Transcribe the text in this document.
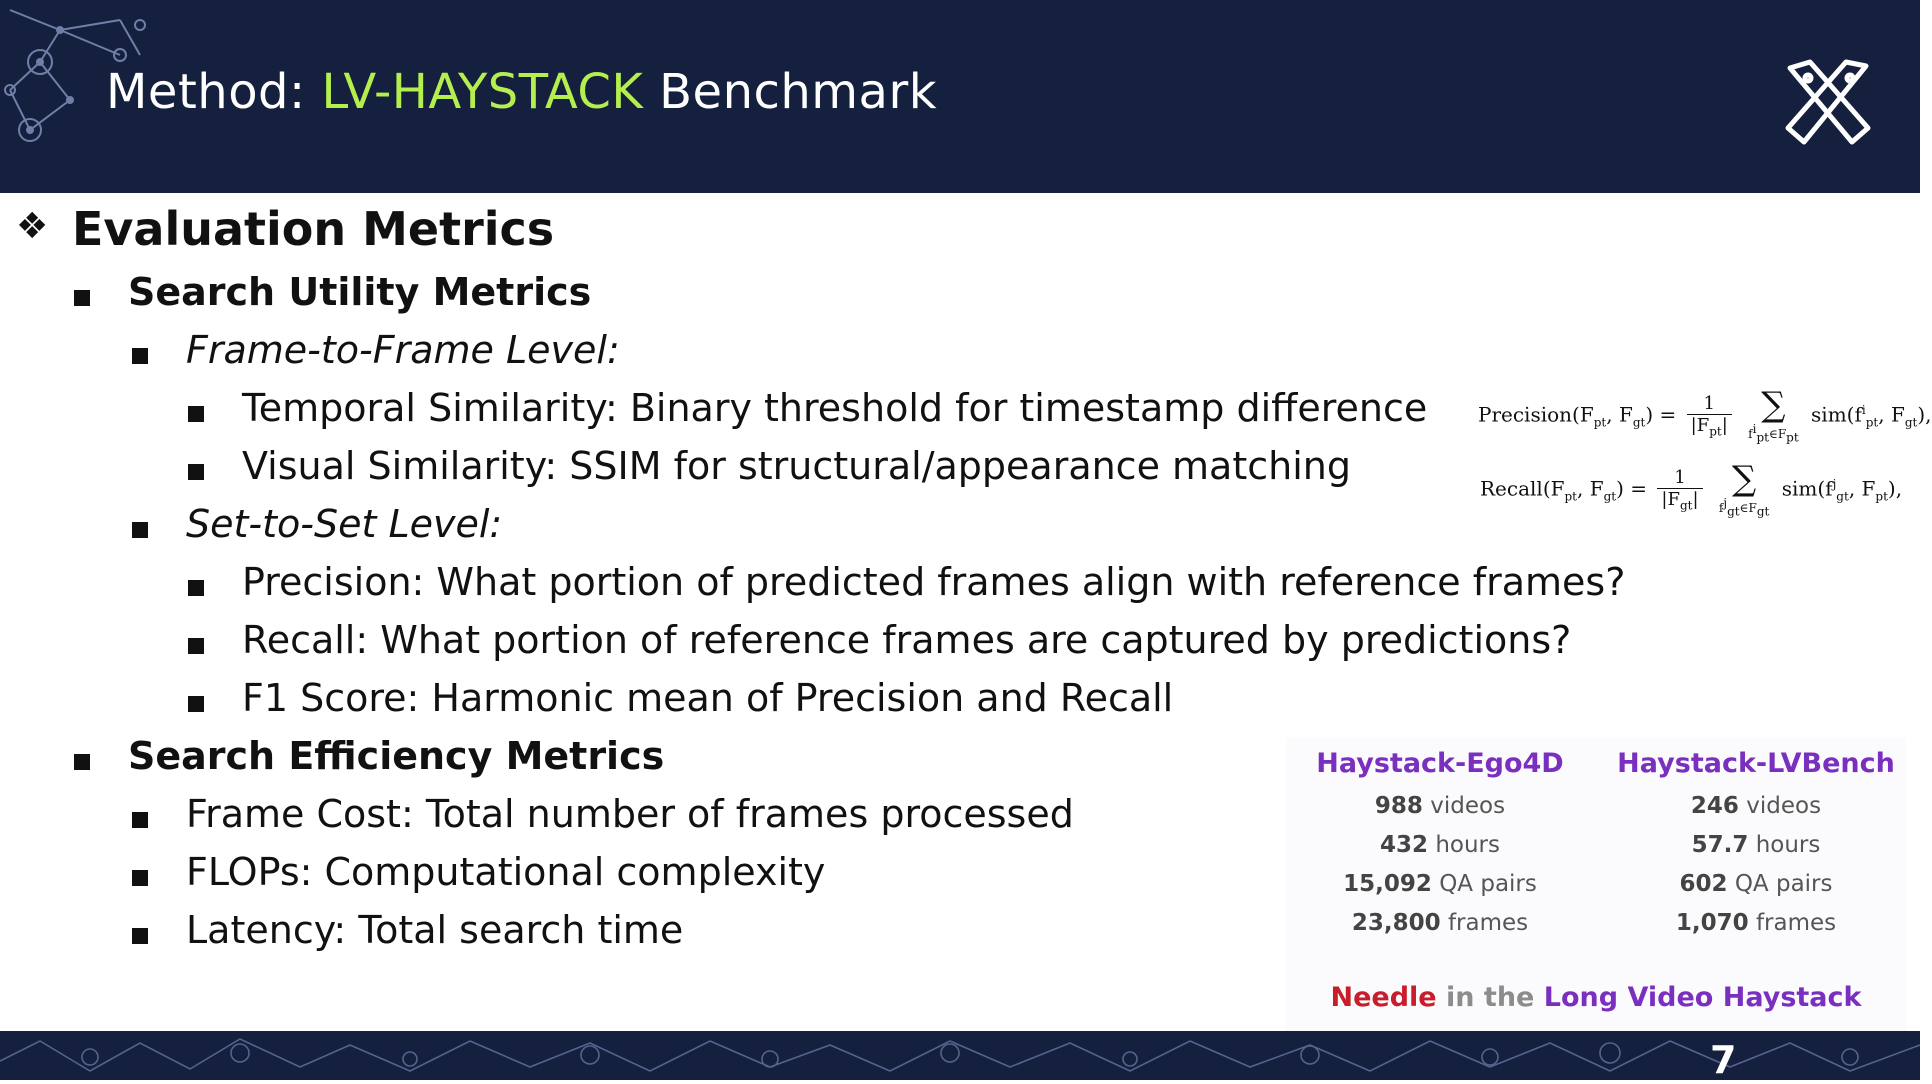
Method: LV-HAYSTACK Benchmark
❖ Evaluation Metrics
Search Utility Metrics
Frame-to-Frame Level:
Temporal Similarity: Binary threshold for timestamp difference
Visual Similarity: SSIM for structural/appearance matching
Set-to-Set Level:
Precision: What portion of predicted frames align with reference frames?
Recall: What portion of reference frames are captured by predictions?
F1 Score: Harmonic mean of Precision and Recall
Search Efficiency Metrics
Frame Cost: Total number of frames processed
FLOPs: Computational complexity
Latency: Total search time
$Precision(F_{pt}$, $F_{gt}) = \frac{1}{|F_{pt}|}$
∑
$f^i_{pt}\in F_{pt}$
$sim(f^i_{pt}$, $F_{gt}$),
$Recall(F_{pt}$, $F_{gt}) = \frac{1}{|F_{gt}|}$
∑
$f^j_{gt}\in F_{gt}$
$sim(f^j_{gt}$, $F_{pt}$),
Haystack-Ego4D
988 videos
432 hours
15,092 QA pairs
23,800 frames
Haystack-LVBench
246 videos
57.7 hours
602 QA pairs
1,070 frames
Needle in the Long Video Haystack
7
